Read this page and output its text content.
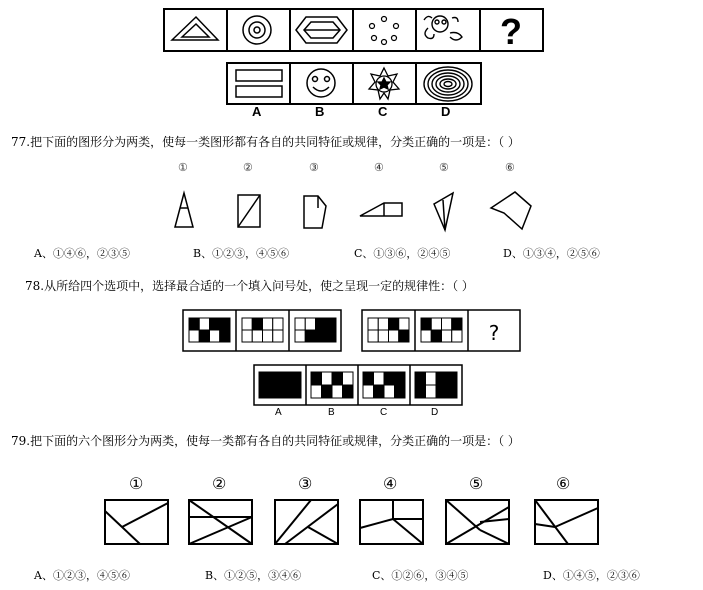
?
A	B	C	D
77.把下面的图形分为两类，使每一类图形都有各自的共同特征或规律，分类正确的一项是：（ ）
①	②	③	④	⑤	⑥
A、①④⑥，②③⑤	B、①②③，④⑤⑥	C、①③⑥，②④⑤	D、①③④，②⑤⑥
78.从所给四个选项中，选择最合适的一个填入问号处，使之呈现一定的规律性：（ ）
?
A	B	C	D
79.把下面的六个图形分为两类，使每一类都有各自的共同特征或规律，分类正确的一项是：（ ）
①	②	③	④	⑤	⑥
A、①②③，④⑤⑥	B、①②⑤，③④⑥	C、①②⑥，③④⑤	D、①④⑤，②③⑥
